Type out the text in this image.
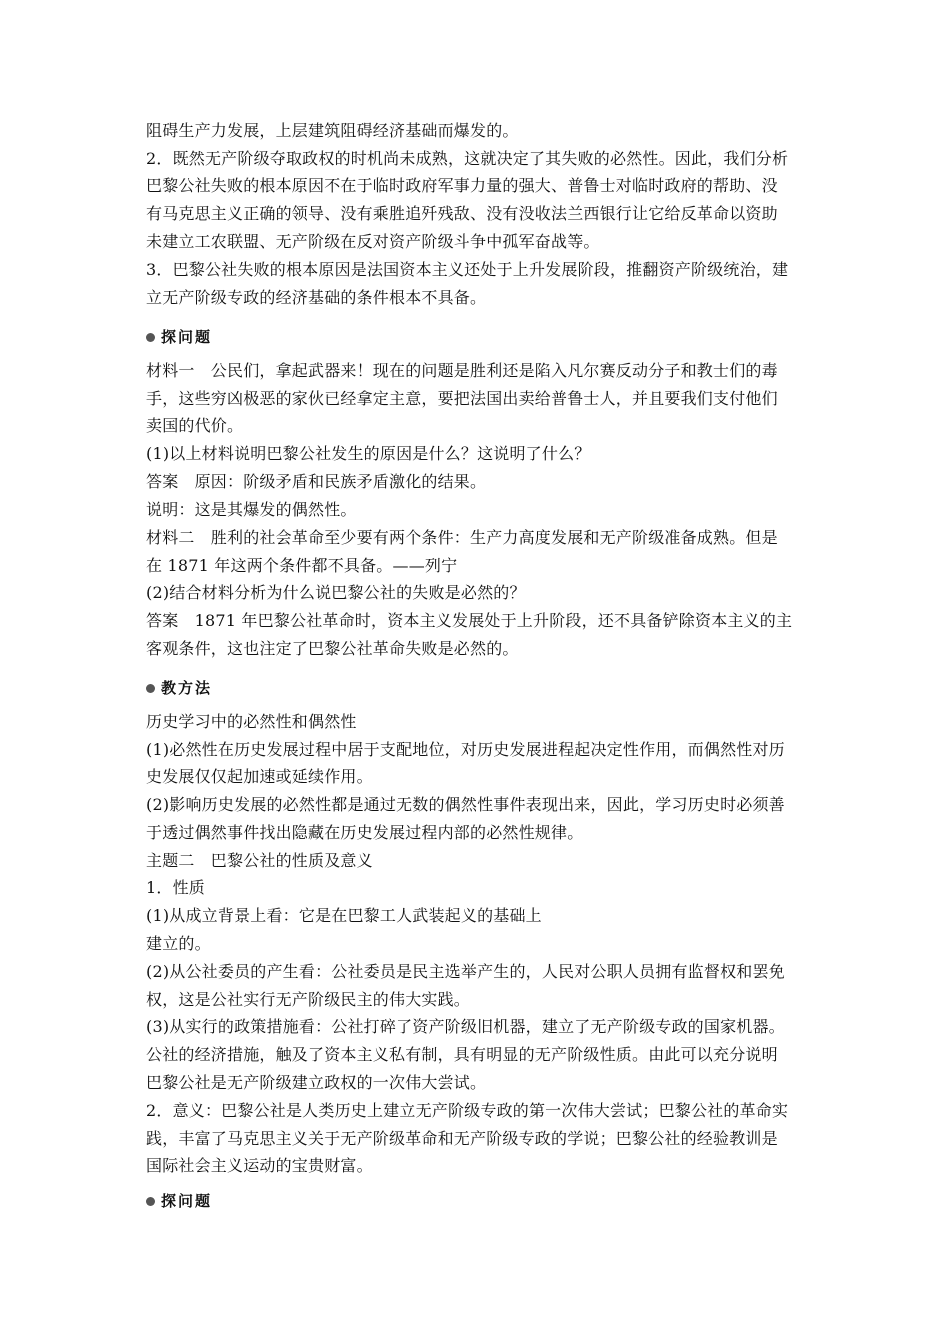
阻碍生产力发展，上层建筑阻碍经济基础而爆发的。
2．既然无产阶级夺取政权的时机尚未成熟，这就决定了其失败的必然性。因此，我们分析
巴黎公社失败的根本原因不在于临时政府军事力量的强大、普鲁士对临时政府的帮助、没
有马克思主义正确的领导、没有乘胜追歼残敌、没有没收法兰西银行让它给反革命以资助
未建立工农联盟、无产阶级在反对资产阶级斗争中孤军奋战等。
3．巴黎公社失败的根本原因是法国资本主义还处于上升发展阶段，推翻资产阶级统治，建
立无产阶级专政的经济基础的条件根本不具备。
探问题
材料一　公民们，拿起武器来！现在的问题是胜利还是陷入凡尔赛反动分子和教士们的毒
手，这些穷凶极恶的家伙已经拿定主意，要把法国出卖给普鲁士人，并且要我们支付他们
卖国的代价。
(1)以上材料说明巴黎公社发生的原因是什么？这说明了什么？
答案　原因：阶级矛盾和民族矛盾激化的结果。
说明：这是其爆发的偶然性。
材料二　胜利的社会革命至少要有两个条件：生产力高度发展和无产阶级准备成熟。但是
在 1871 年这两个条件都不具备。——列宁
(2)结合材料分析为什么说巴黎公社的失败是必然的？
答案　1871 年巴黎公社革命时，资本主义发展处于上升阶段，还不具备铲除资本主义的主
客观条件，这也注定了巴黎公社革命失败是必然的。
教方法
历史学习中的必然性和偶然性
(1)必然性在历史发展过程中居于支配地位，对历史发展进程起决定性作用，而偶然性对历
史发展仅仅起加速或延续作用。
(2)影响历史发展的必然性都是通过无数的偶然性事件表现出来，因此，学习历史时必须善
于透过偶然事件找出隐藏在历史发展过程内部的必然性规律。
主题二　巴黎公社的性质及意义
1．性质
(1)从成立背景上看：它是在巴黎工人武装起义的基础上
建立的。
(2)从公社委员的产生看：公社委员是民主选举产生的，人民对公职人员拥有监督权和罢免
权，这是公社实行无产阶级民主的伟大实践。
(3)从实行的政策措施看：公社打碎了资产阶级旧机器，建立了无产阶级专政的国家机器。
公社的经济措施，触及了资本主义私有制，具有明显的无产阶级性质。由此可以充分说明
巴黎公社是无产阶级建立政权的一次伟大尝试。
2．意义：巴黎公社是人类历史上建立无产阶级专政的第一次伟大尝试；巴黎公社的革命实
践，丰富了马克思主义关于无产阶级革命和无产阶级专政的学说；巴黎公社的经验教训是
国际社会主义运动的宝贵财富。
探问题
